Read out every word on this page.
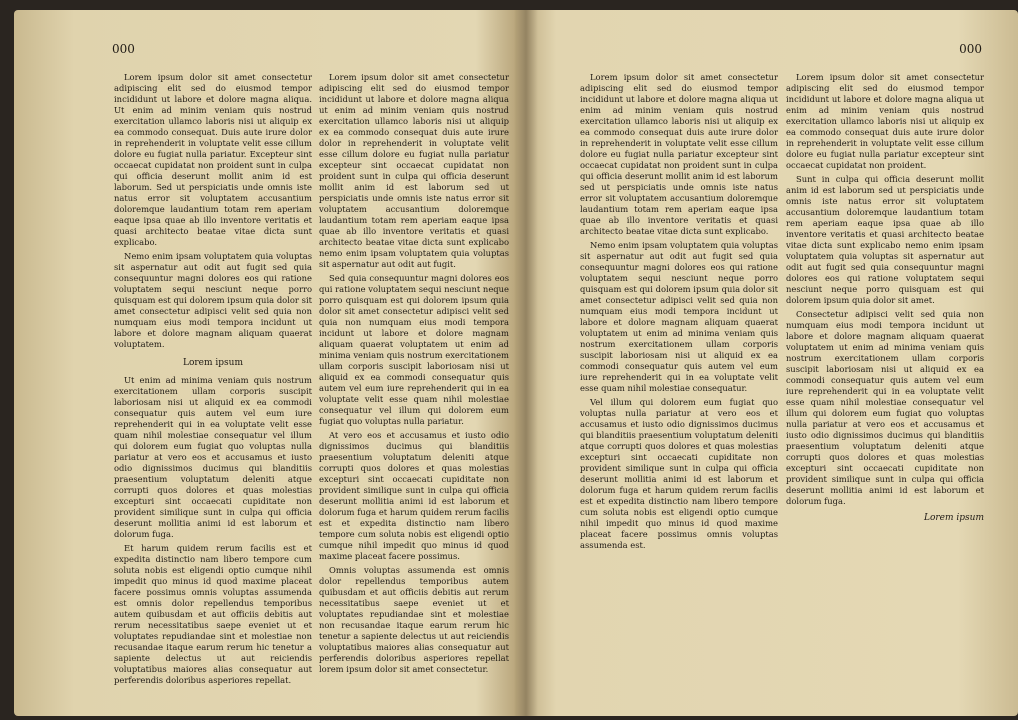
000

Lorem ipsum dolor sit amet consectetur adipiscing elit sed do eiusmod tempor incididunt ut labore et dolore magna aliqua. Ut enim ad minim veniam quis nostrud exercitation ullamco laboris nisi ut aliquip ex ea commodo consequat. Duis aute irure dolor in reprehenderit in voluptate velit esse cillum dolore eu fugiat nulla pariatur. Excepteur sint occaecat cupidatat non proident sunt in culpa qui officia deserunt mollit anim id est laborum. Sed ut perspiciatis unde omnis iste natus error sit voluptatem accusantium doloremque laudantium totam rem aperiam eaque ipsa quae ab illo inventore veritatis et quasi architecto beatae vitae dicta sunt explicabo.

Nemo enim ipsam voluptatem quia voluptas sit aspernatur aut odit aut fugit sed quia consequuntur magni dolores eos qui ratione voluptatem sequi nesciunt neque porro quisquam est qui dolorem ipsum quia dolor sit amet consectetur adipisci velit sed quia non numquam eius modi tempora incidunt ut labore et dolore magnam aliquam quaerat voluptatem.

Lorem ipsum

Ut enim ad minima veniam quis nostrum exercitationem ullam corporis suscipit laboriosam nisi ut aliquid ex ea commodi consequatur quis autem vel eum iure reprehenderit qui in ea voluptate velit esse quam nihil molestiae consequatur vel illum qui dolorem eum fugiat quo voluptas nulla pariatur at vero eos et accusamus et iusto odio dignissimos ducimus qui blanditiis praesentium voluptatum deleniti atque corrupti quos dolores et quas molestias excepturi sint occaecati cupiditate non provident similique sunt in culpa qui officia deserunt mollitia animi id est laborum et dolorum fuga.

Et harum quidem rerum facilis est et expedita distinctio nam libero tempore cum soluta nobis est eligendi optio cumque nihil impedit quo minus id quod maxime placeat facere possimus omnis voluptas assumenda est omnis dolor repellendus temporibus autem quibusdam et aut officiis debitis aut rerum necessitatibus saepe eveniet ut et voluptates repudiandae sint et molestiae non recusandae itaque earum rerum hic tenetur a sapiente delectus ut aut reiciendis voluptatibus maiores alias consequatur aut perferendis doloribus asperiores repellat.

Lorem ipsum dolor sit amet consectetur adipiscing elit sed do eiusmod tempor incididunt ut labore et dolore magna aliqua ut enim ad minim veniam quis nostrud exercitation ullamco laboris nisi ut aliquip ex ea commodo consequat duis aute irure dolor in reprehenderit in voluptate velit esse cillum dolore eu fugiat nulla pariatur excepteur sint occaecat cupidatat non proident sunt in culpa qui officia deserunt mollit anim id est laborum sed ut perspiciatis unde omnis iste natus error sit voluptatem accusantium doloremque laudantium totam rem aperiam eaque ipsa quae ab illo inventore veritatis et quasi architecto beatae vitae dicta sunt explicabo nemo enim ipsam voluptatem quia voluptas sit aspernatur aut odit aut fugit.

Sed quia consequuntur magni dolores eos qui ratione voluptatem sequi nesciunt neque porro quisquam est qui dolorem ipsum quia dolor sit amet consectetur adipisci velit sed quia non numquam eius modi tempora incidunt ut labore et dolore magnam aliquam quaerat voluptatem ut enim ad minima veniam quis nostrum exercitationem ullam corporis suscipit laboriosam nisi ut aliquid ex ea commodi consequatur quis autem vel eum iure reprehenderit qui in ea voluptate velit esse quam nihil molestiae consequatur vel illum qui dolorem eum fugiat quo voluptas nulla pariatur.

At vero eos et accusamus et iusto odio dignissimos ducimus qui blanditiis praesentium voluptatum deleniti atque corrupti quos dolores et quas molestias excepturi sint occaecati cupiditate non provident similique sunt in culpa qui officia deserunt mollitia animi id est laborum et dolorum fuga et harum quidem rerum facilis est et expedita distinctio nam libero tempore cum soluta nobis est eligendi optio cumque nihil impedit quo minus id quod maxime placeat facere possimus.

Omnis voluptas assumenda est omnis dolor repellendus temporibus autem quibusdam et aut officiis debitis aut rerum necessitatibus saepe eveniet ut et voluptates repudiandae sint et molestiae non recusandae itaque earum rerum hic tenetur a sapiente delectus ut aut reiciendis voluptatibus maiores alias consequatur aut perferendis doloribus asperiores repellat lorem ipsum dolor sit amet consectetur.

000

Lorem ipsum dolor sit amet consectetur adipiscing elit sed do eiusmod tempor incididunt ut labore et dolore magna aliqua ut enim ad minim veniam quis nostrud exercitation ullamco laboris nisi ut aliquip ex ea commodo consequat duis aute irure dolor in reprehenderit in voluptate velit esse cillum dolore eu fugiat nulla pariatur excepteur sint occaecat cupidatat non proident sunt in culpa qui officia deserunt mollit anim id est laborum sed ut perspiciatis unde omnis iste natus error sit voluptatem accusantium doloremque laudantium totam rem aperiam eaque ipsa quae ab illo inventore veritatis et quasi architecto beatae vitae dicta sunt explicabo.

Nemo enim ipsam voluptatem quia voluptas sit aspernatur aut odit aut fugit sed quia consequuntur magni dolores eos qui ratione voluptatem sequi nesciunt neque porro quisquam est qui dolorem ipsum quia dolor sit amet consectetur adipisci velit sed quia non numquam eius modi tempora incidunt ut labore et dolore magnam aliquam quaerat voluptatem ut enim ad minima veniam quis nostrum exercitationem ullam corporis suscipit laboriosam nisi ut aliquid ex ea commodi consequatur quis autem vel eum iure reprehenderit qui in ea voluptate velit esse quam nihil molestiae consequatur.

Vel illum qui dolorem eum fugiat quo voluptas nulla pariatur at vero eos et accusamus et iusto odio dignissimos ducimus qui blanditiis praesentium voluptatum deleniti atque corrupti quos dolores et quas molestias excepturi sint occaecati cupiditate non provident similique sunt in culpa qui officia deserunt mollitia animi id est laborum et dolorum fuga et harum quidem rerum facilis est et expedita distinctio nam libero tempore cum soluta nobis est eligendi optio cumque nihil impedit quo minus id quod maxime placeat facere possimus omnis voluptas assumenda est.

Lorem ipsum dolor sit amet consectetur adipiscing elit sed do eiusmod tempor incididunt ut labore et dolore magna aliqua ut enim ad minim veniam quis nostrud exercitation ullamco laboris nisi ut aliquip ex ea commodo consequat duis aute irure dolor in reprehenderit in voluptate velit esse cillum dolore eu fugiat nulla pariatur excepteur sint occaecat cupidatat non proident.

Sunt in culpa qui officia deserunt mollit anim id est laborum sed ut perspiciatis unde omnis iste natus error sit voluptatem accusantium doloremque laudantium totam rem aperiam eaque ipsa quae ab illo inventore veritatis et quasi architecto beatae vitae dicta sunt explicabo nemo enim ipsam voluptatem quia voluptas sit aspernatur aut odit aut fugit sed quia consequuntur magni dolores eos qui ratione voluptatem sequi nesciunt neque porro quisquam est qui dolorem ipsum quia dolor sit amet.

Consectetur adipisci velit sed quia non numquam eius modi tempora incidunt ut labore et dolore magnam aliquam quaerat voluptatem ut enim ad minima veniam quis nostrum exercitationem ullam corporis suscipit laboriosam nisi ut aliquid ex ea commodi consequatur quis autem vel eum iure reprehenderit qui in ea voluptate velit esse quam nihil molestiae consequatur vel illum qui dolorem eum fugiat quo voluptas nulla pariatur at vero eos et accusamus et iusto odio dignissimos ducimus qui blanditiis praesentium voluptatum deleniti atque corrupti quos dolores et quas molestias excepturi sint occaecati cupiditate non provident similique sunt in culpa qui officia deserunt mollitia animi id est laborum et dolorum fuga.

Lorem ipsum
